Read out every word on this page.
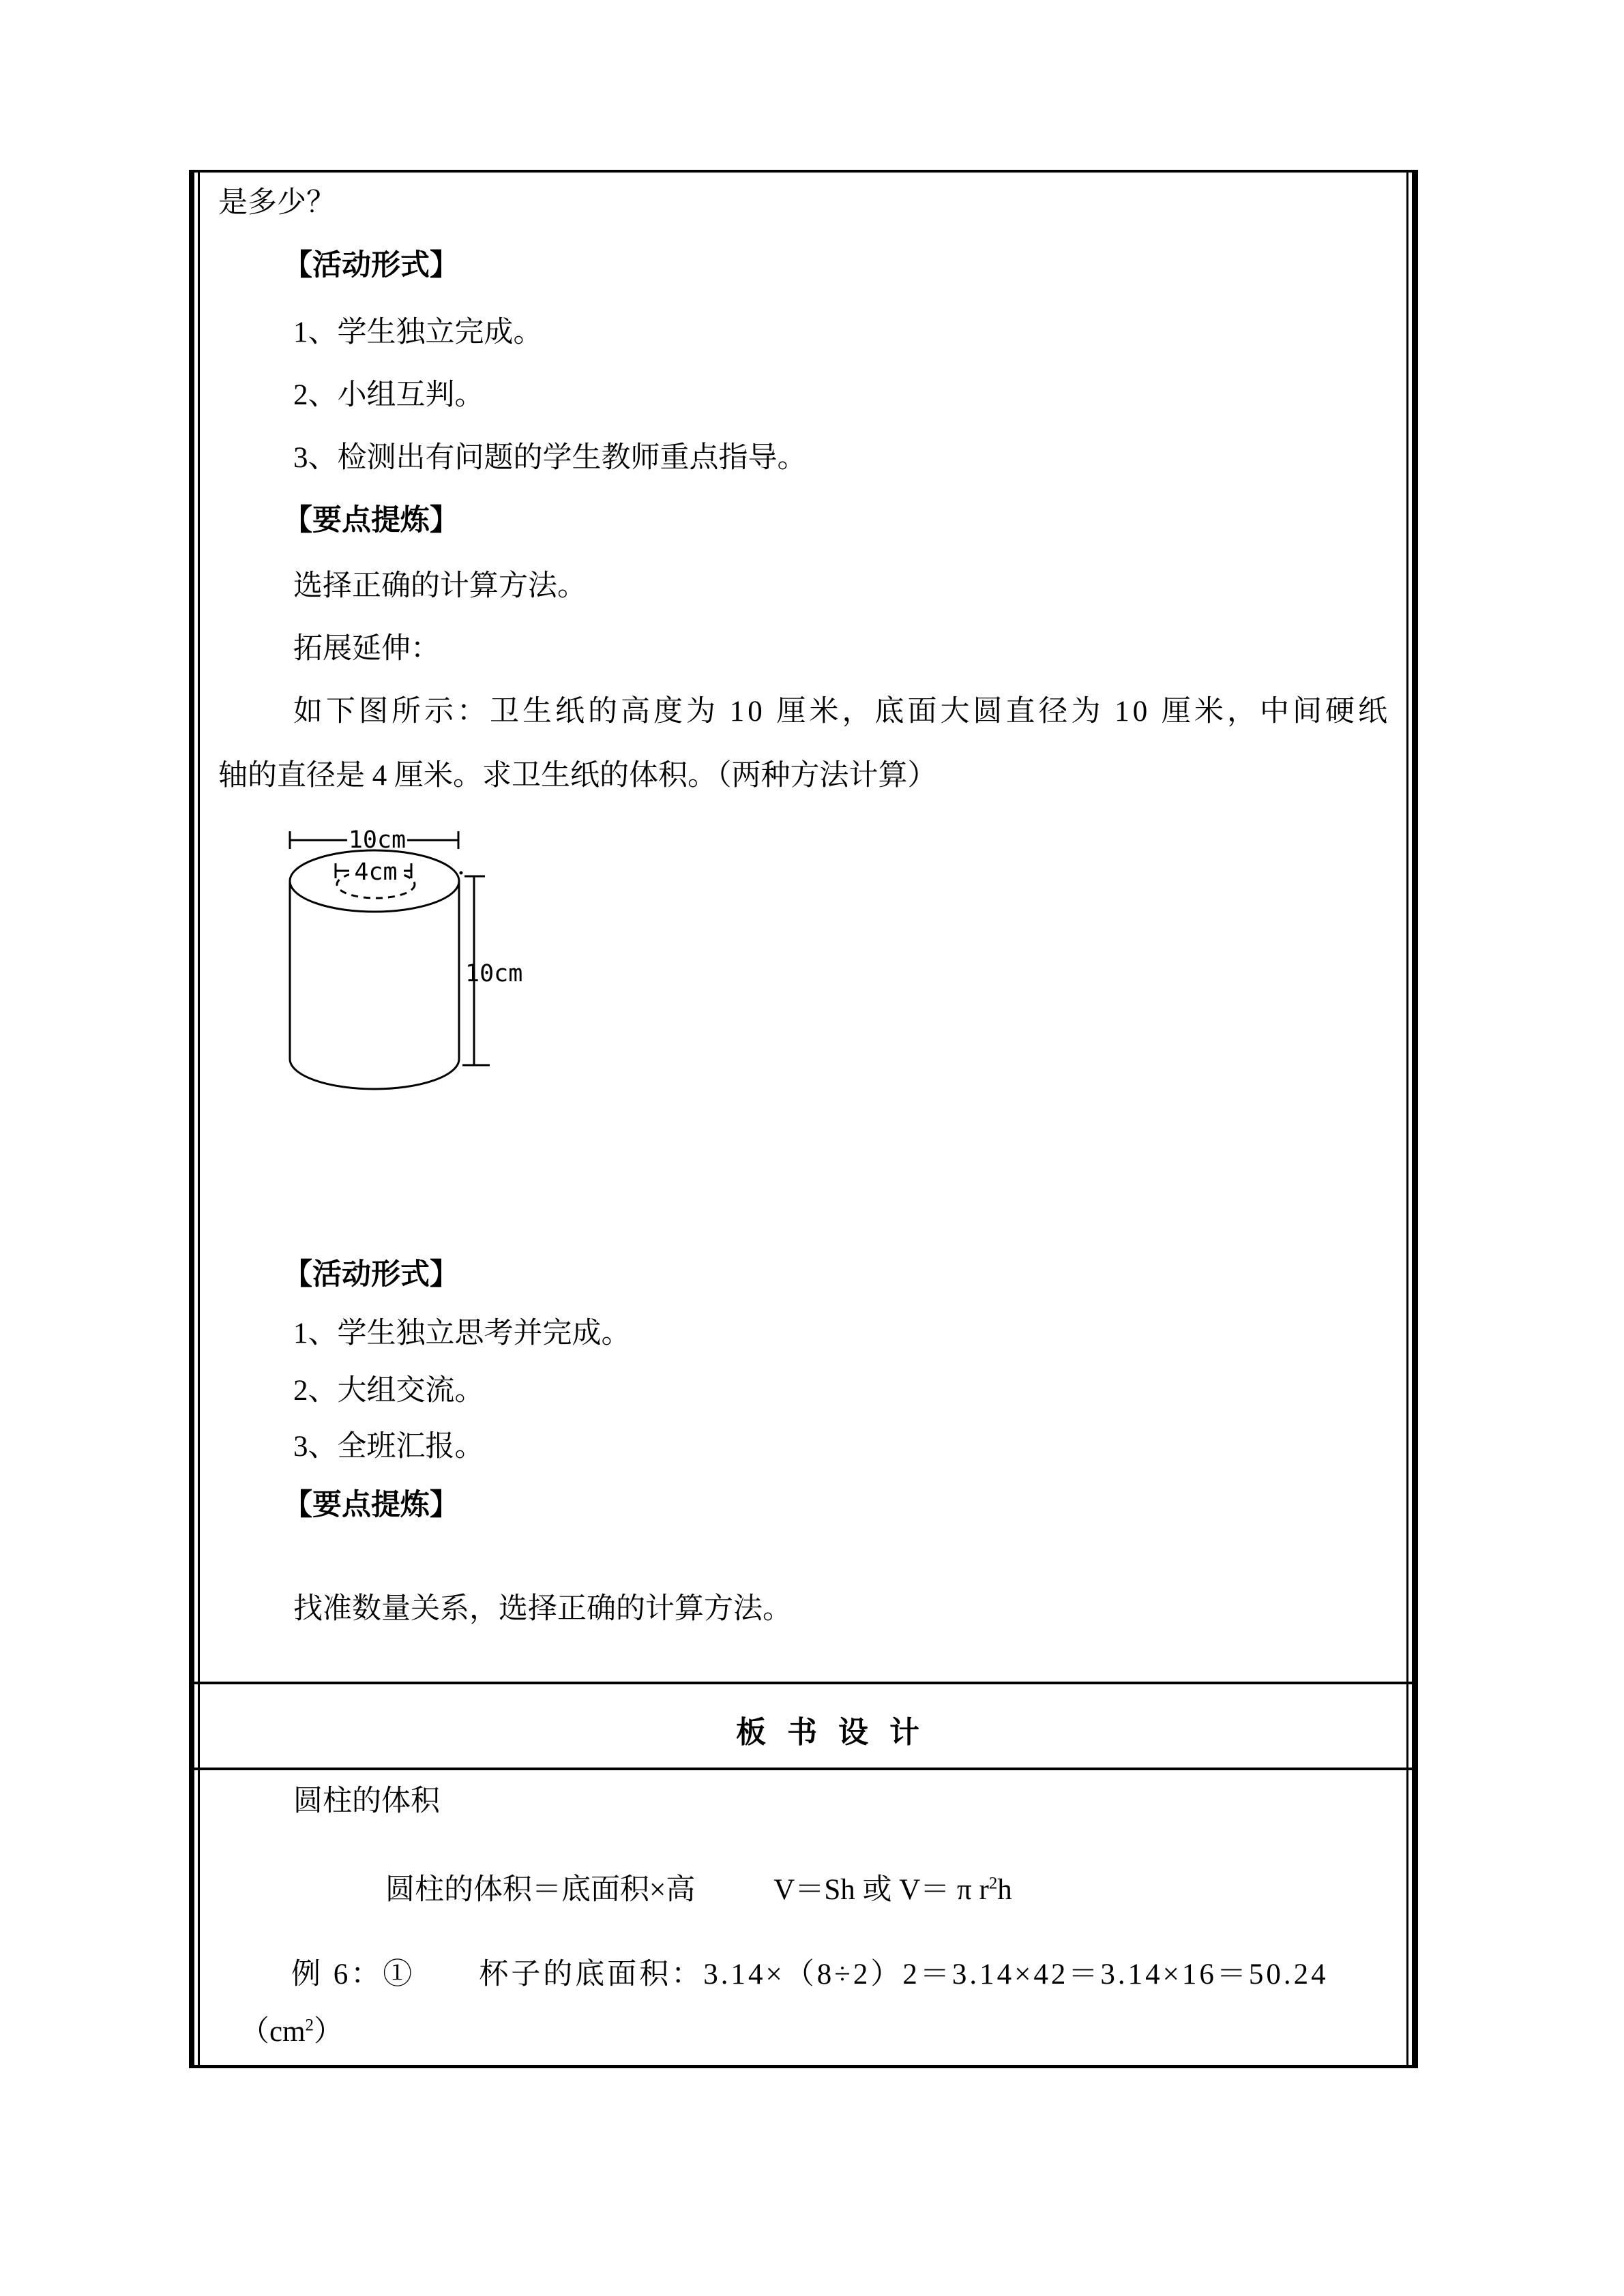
是多少？
【活动形式】
1、学生独立完成。
2、小组互判。
3、检测出有问题的学生教师重点指导。
【要点提炼】
选择正确的计算方法。
拓展延伸：
如下图所示：卫生纸的高度为 10 厘米，底面大圆直径为 10 厘米，中间硬纸
轴的直径是 4 厘米。求卫生纸的体积。（两种方法计算）
10cm
4cm
10cm
【活动形式】
1、学生独立思考并完成。
2、大组交流。
3、全班汇报。
【要点提炼】
找准数量关系，选择正确的计算方法。
板 书 设 计
圆柱的体积
圆柱的体积＝底面积×高	V＝Sh 或 V＝ π $r^2h$
例 6：①　　杯子的底面积：3.14×（8÷2）2＝3.14×42＝3.14×16＝50.24
$(cm^2)$
